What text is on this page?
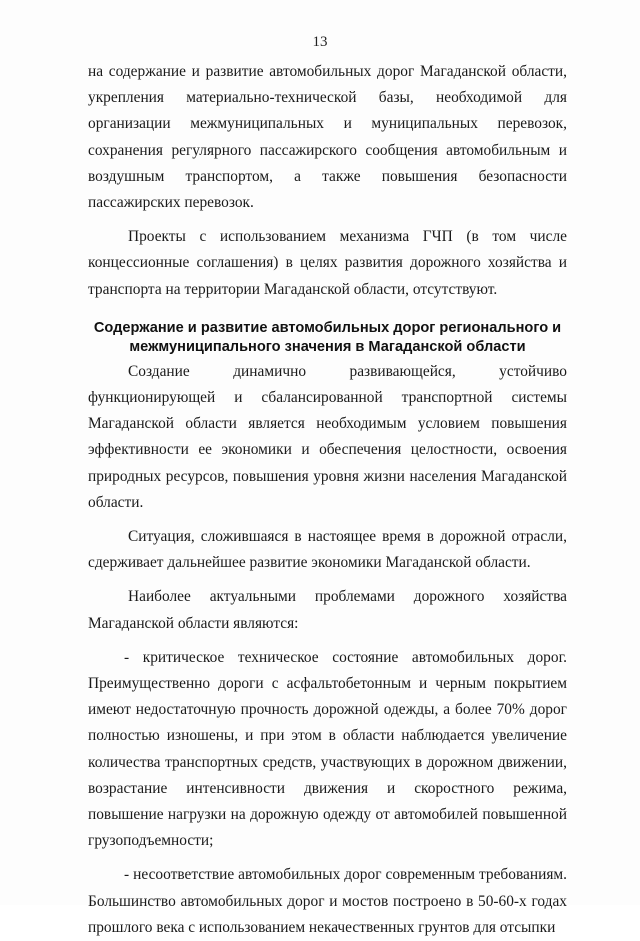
13

на содержание и развитие автомобильных дорог Магаданской области, укрепления материально-технической базы, необходимой для организации межмуниципальных и муниципальных перевозок, сохранения регулярного пассажирского сообщения автомобильным и воздушным транспортом, а также повышения безопасности пассажирских перевозок.

Проекты с использованием механизма ГЧП (в том числе концессионные соглашения) в целях развития дорожного хозяйства и транспорта на территории Магаданской области, отсутствуют.

Содержание и развитие автомобильных дорог регионального и межмуниципального значения в Магаданской области

Создание динамично развивающейся, устойчиво функционирующей и сбалансированной транспортной системы Магаданской области является необходимым условием повышения эффективности ее экономики и обеспечения целостности, освоения природных ресурсов, повышения уровня жизни населения Магаданской области.

Ситуация, сложившаяся в настоящее время в дорожной отрасли, сдерживает дальнейшее развитие экономики Магаданской области.

Наиболее актуальными проблемами дорожного хозяйства Магаданской области являются:

- критическое техническое состояние автомобильных дорог. Преимущественно дороги с асфальтобетонным и черным покрытием имеют недостаточную прочность дорожной одежды, а более 70% дорог полностью изношены, и при этом в области наблюдается увеличение количества транспортных средств, участвующих в дорожном движении, возрастание интенсивности движения и скоростного режима, повышение нагрузки на дорожную одежду от автомобилей повышенной грузоподъемности;

- несоответствие автомобильных дорог современным требованиям. Большинство автомобильных дорог и мостов построено в 50-60-х годах прошлого века с использованием некачественных грунтов для отсыпки
